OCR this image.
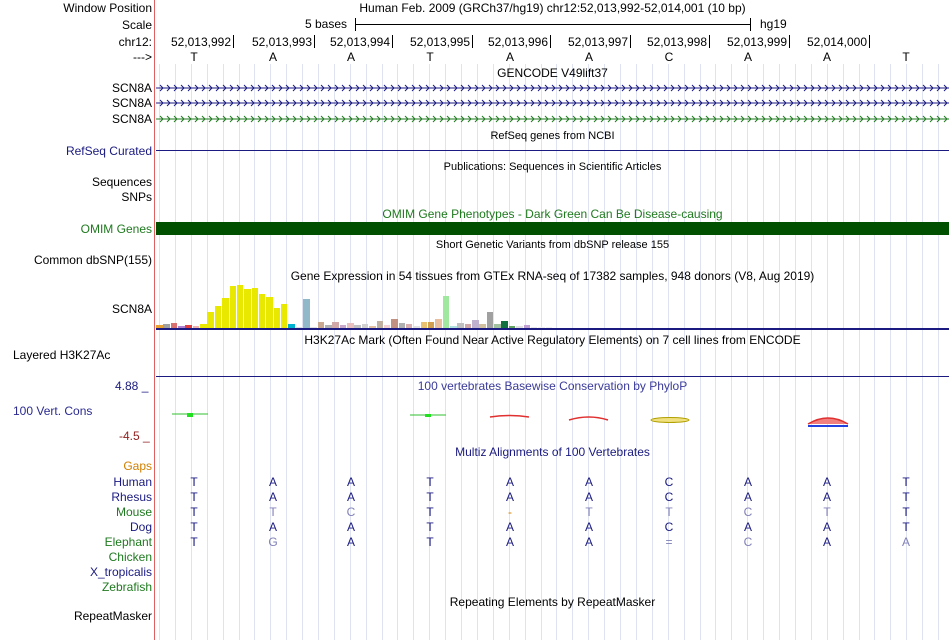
Window Position	Human Feb. 2009 (GRCh37/hg19) chr12:52,013,992-52,014,001 (10 bp)
Scale	5 bases	hg19
chr12:	52,013,992	52,013,993	52,013,994	52,013,995	52,013,996	52,013,997	52,013,998	52,013,999	52,014,000
--->	T	A	A	T	A	A	C	A	A	T
GENCODE V49lift37
SCN8A
SCN8A
SCN8A
RefSeq genes from NCBI
RefSeq Curated
Publications: Sequences in Scientific Articles
Sequences
SNPs
OMIM Gene Phenotypes - Dark Green Can Be Disease-causing
OMIM Genes
Short Genetic Variants from dbSNP release 155
Common dbSNP(155)
Gene Expression in 54 tissues from GTEx RNA-seq of 17382 samples, 948 donors (V8, Aug 2019)
SCN8A
H3K27Ac Mark (Often Found Near Active Regulatory Elements) on 7 cell lines from ENCODE
Layered H3K27Ac
100 vertebrates Basewise Conservation by PhyloP
4.88 _
100 Vert. Cons
-4.5 _
Multiz Alignments of 100 Vertebrates
Gaps
Human	T	A	A	T	A	A	C	A	A	T
Rhesus	T	A	A	T	A	A	C	A	A	T
Mouse	T	T	C	T	-	T	T	C	T	T
Dog	T	A	A	T	A	A	C	A	A	T
Elephant	T	G	A	T	A	A	=	C	A	A
Chicken
X_tropicalis
Zebrafish
Repeating Elements by RepeatMasker
RepeatMasker
